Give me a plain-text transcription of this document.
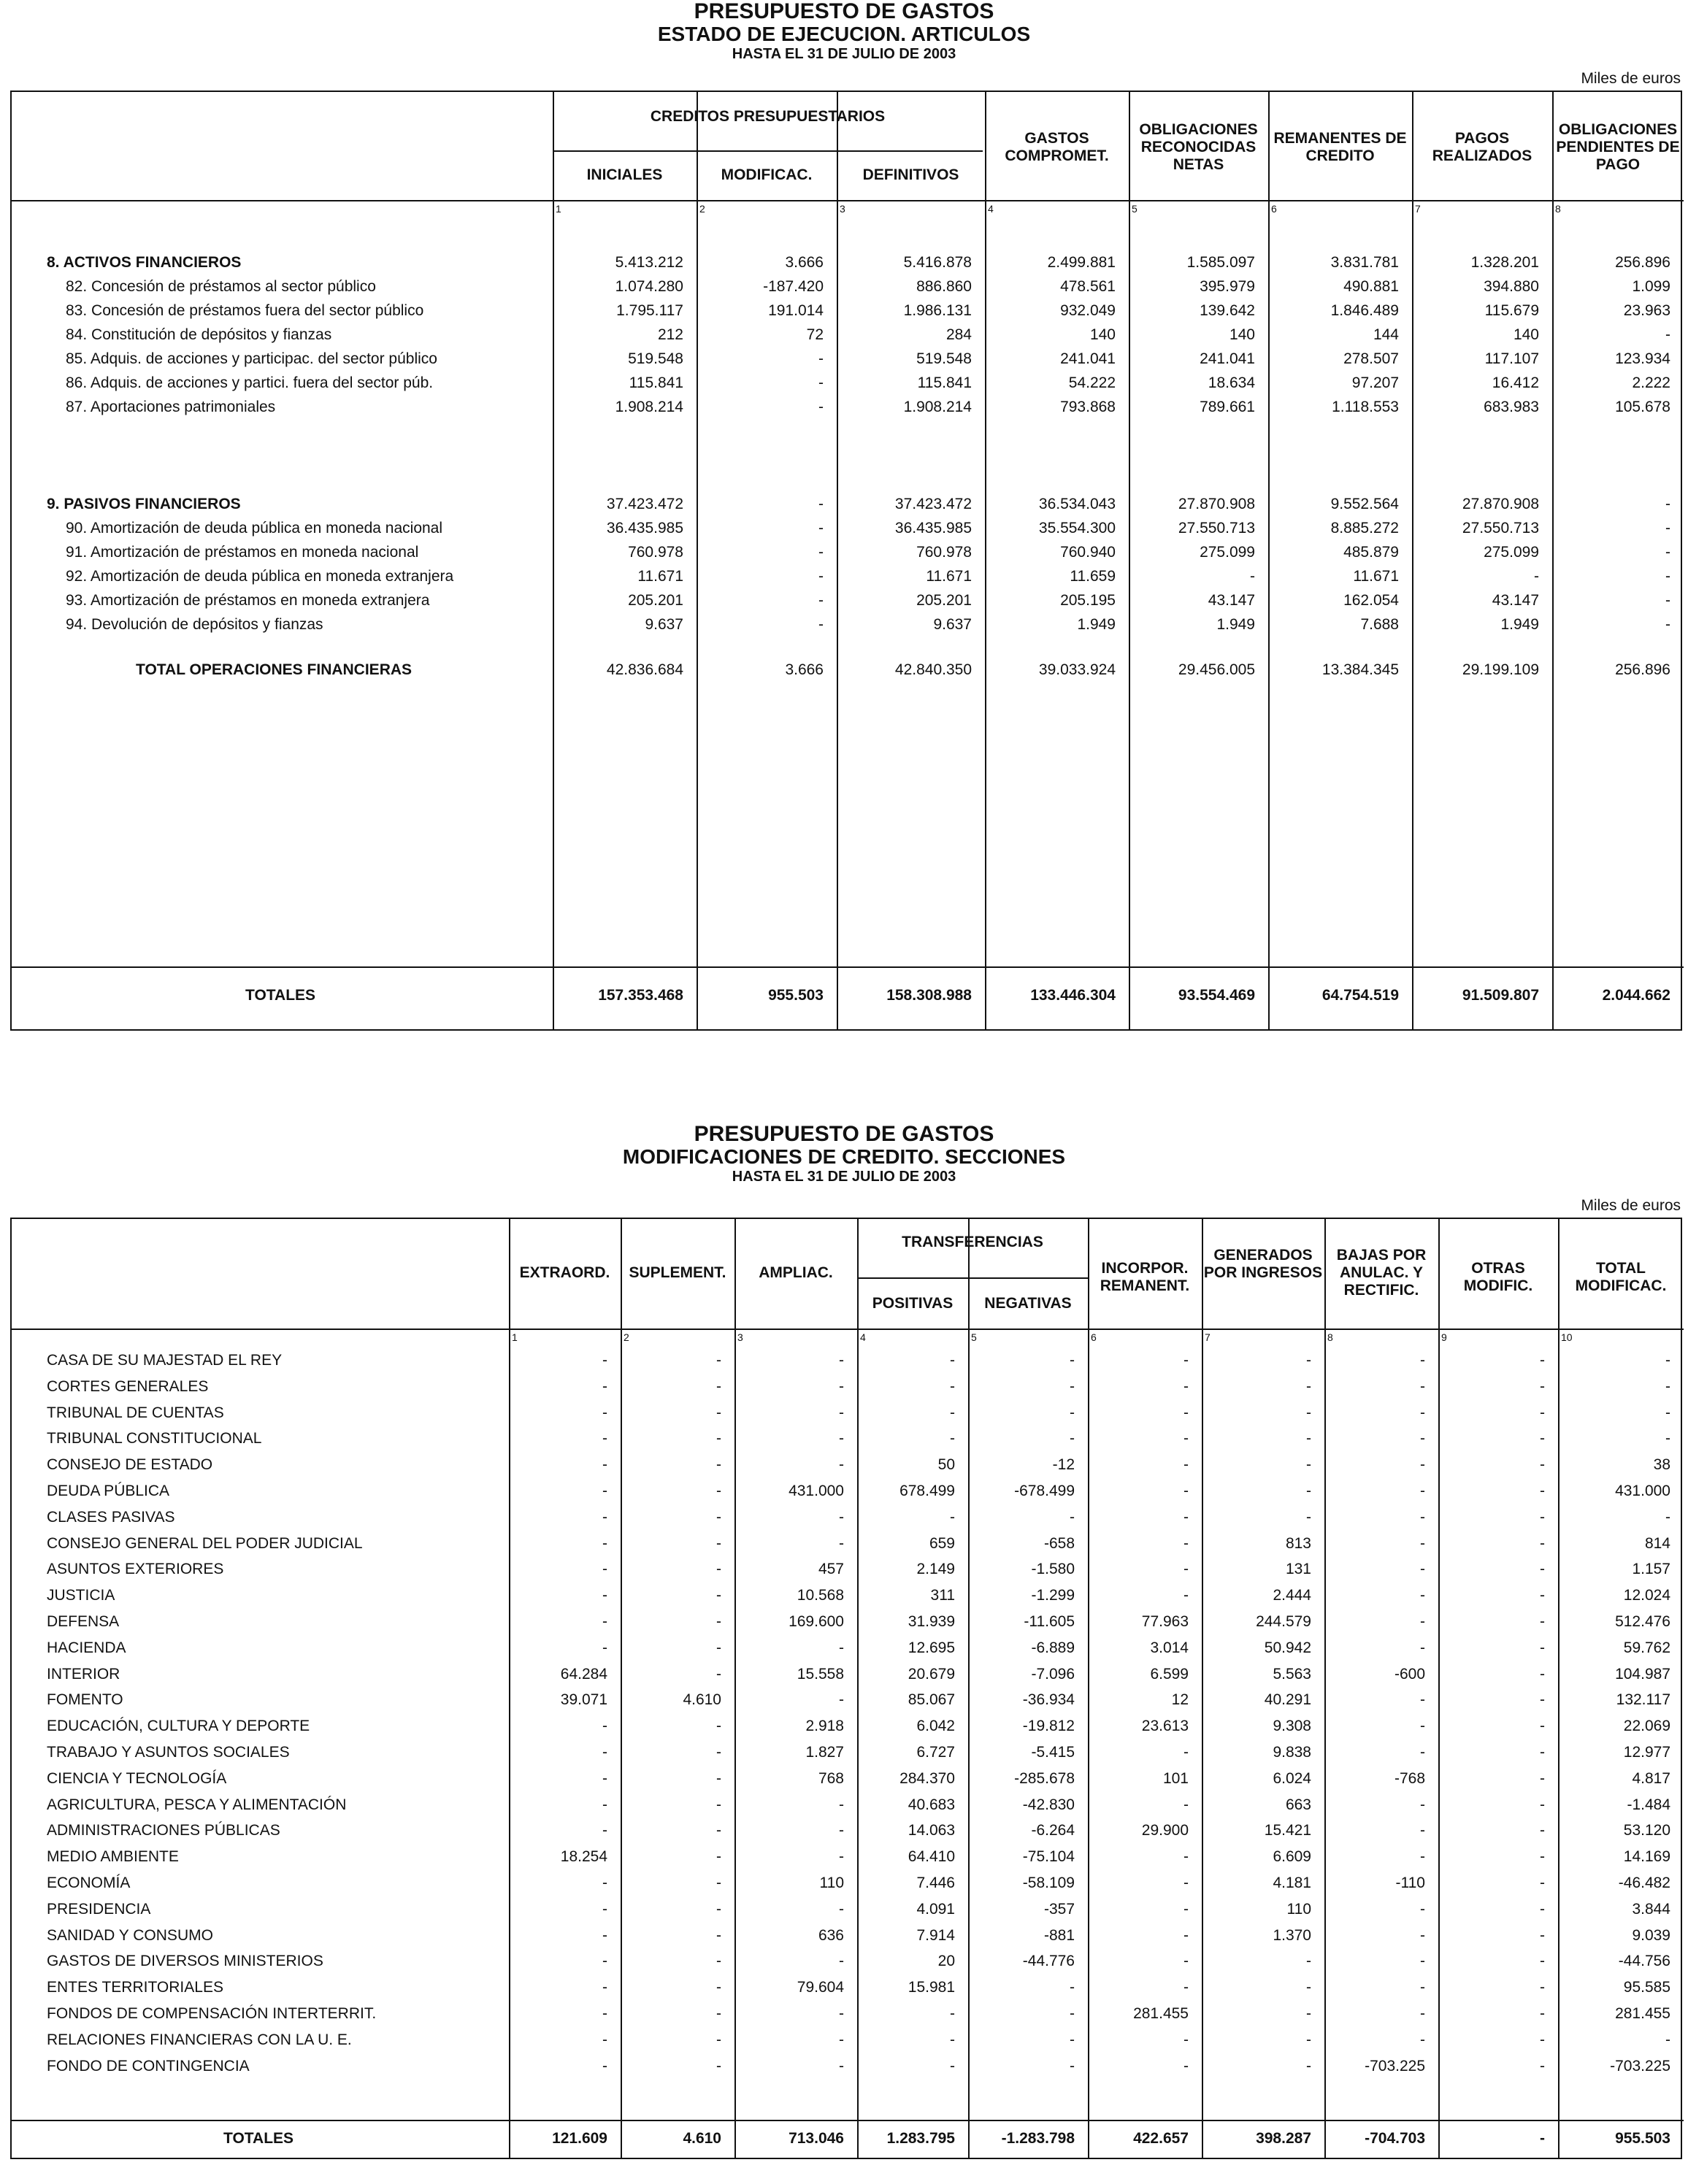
PRESUPUESTO DE GASTOS
ESTADO DE EJECUCION. ARTICULOS
HASTA EL 31 DE JULIO DE 2003
Miles de euros
CREDITOS PRESUPUESTARIOS
INICIALES
1
MODIFICAC.
2
DEFINITIVOS
3
GASTOS COMPROMET.
4
OBLIGACIONES RECONOCIDAS NETAS
5
REMANENTES DE CREDITO
6
PAGOS REALIZADOS
7
OBLIGACIONES PENDIENTES DE PAGO
8
8. ACTIVOS FINANCIEROS	5.413.212	3.666	5.416.878	2.499.881	1.585.097	3.831.781	1.328.201	256.896
82. Concesión de préstamos al sector público	1.074.280	-187.420	886.860	478.561	395.979	490.881	394.880	1.099
83. Concesión de préstamos fuera del sector público	1.795.117	191.014	1.986.131	932.049	139.642	1.846.489	115.679	23.963
84. Constitución de depósitos y fianzas	212	72	284	140	140	144	140	-
85. Adquis. de acciones y participac. del sector público	519.548	-	519.548	241.041	241.041	278.507	117.107	123.934
86. Adquis. de acciones y partici. fuera del sector púb.	115.841	-	115.841	54.222	18.634	97.207	16.412	2.222
87. Aportaciones patrimoniales	1.908.214	-	1.908.214	793.868	789.661	1.118.553	683.983	105.678
9. PASIVOS FINANCIEROS	37.423.472	-	37.423.472	36.534.043	27.870.908	9.552.564	27.870.908	-
90. Amortización de deuda pública en moneda nacional	36.435.985	-	36.435.985	35.554.300	27.550.713	8.885.272	27.550.713	-
91. Amortización de préstamos en moneda nacional	760.978	-	760.978	760.940	275.099	485.879	275.099	-
92. Amortización de deuda pública en moneda extranjera	11.671	-	11.671	11.659	-	11.671	-	-
93. Amortización de préstamos en moneda extranjera	205.201	-	205.201	205.195	43.147	162.054	43.147	-
94. Devolución de depósitos y fianzas	9.637	-	9.637	1.949	1.949	7.688	1.949	-
TOTAL OPERACIONES FINANCIERAS	42.836.684	3.666	42.840.350	39.033.924	29.456.005	13.384.345	29.199.109	256.896
TOTALES	157.353.468	955.503	158.308.988	133.446.304	93.554.469	64.754.519	91.509.807	2.044.662
PRESUPUESTO DE GASTOS
MODIFICACIONES DE CREDITO. SECCIONES
HASTA EL 31 DE JULIO DE 2003
Miles de euros
TRANSFERENCIAS
EXTRAORD.
1
SUPLEMENT.
2
AMPLIAC.
3
POSITIVAS
4
NEGATIVAS
5
INCORPOR. REMANENT.
6
GENERADOS POR INGRESOS
7
BAJAS POR ANULAC. Y RECTIFIC.
8
OTRAS MODIFIC.
9
TOTAL MODIFICAC.
10
CASA DE SU MAJESTAD EL REY	-	-	-	-	-	-	-	-	-	-
CORTES GENERALES	-	-	-	-	-	-	-	-	-	-
TRIBUNAL DE CUENTAS	-	-	-	-	-	-	-	-	-	-
TRIBUNAL CONSTITUCIONAL	-	-	-	-	-	-	-	-	-	-
CONSEJO DE ESTADO	-	-	-	50	-12	-	-	-	-	38
DEUDA PÚBLICA	-	-	431.000	678.499	-678.499	-	-	-	-	431.000
CLASES PASIVAS	-	-	-	-	-	-	-	-	-	-
CONSEJO GENERAL DEL PODER JUDICIAL	-	-	-	659	-658	-	813	-	-	814
ASUNTOS EXTERIORES	-	-	457	2.149	-1.580	-	131	-	-	1.157
JUSTICIA	-	-	10.568	311	-1.299	-	2.444	-	-	12.024
DEFENSA	-	-	169.600	31.939	-11.605	77.963	244.579	-	-	512.476
HACIENDA	-	-	-	12.695	-6.889	3.014	50.942	-	-	59.762
INTERIOR	64.284	-	15.558	20.679	-7.096	6.599	5.563	-600	-	104.987
FOMENTO	39.071	4.610	-	85.067	-36.934	12	40.291	-	-	132.117
EDUCACIÓN, CULTURA Y DEPORTE	-	-	2.918	6.042	-19.812	23.613	9.308	-	-	22.069
TRABAJO Y ASUNTOS SOCIALES	-	-	1.827	6.727	-5.415	-	9.838	-	-	12.977
CIENCIA Y TECNOLOGÍA	-	-	768	284.370	-285.678	101	6.024	-768	-	4.817
AGRICULTURA, PESCA Y ALIMENTACIÓN	-	-	-	40.683	-42.830	-	663	-	-	-1.484
ADMINISTRACIONES PÚBLICAS	-	-	-	14.063	-6.264	29.900	15.421	-	-	53.120
MEDIO AMBIENTE	18.254	-	-	64.410	-75.104	-	6.609	-	-	14.169
ECONOMÍA	-	-	110	7.446	-58.109	-	4.181	-110	-	-46.482
PRESIDENCIA	-	-	-	4.091	-357	-	110	-	-	3.844
SANIDAD Y CONSUMO	-	-	636	7.914	-881	-	1.370	-	-	9.039
GASTOS DE DIVERSOS MINISTERIOS	-	-	-	20	-44.776	-	-	-	-	-44.756
ENTES TERRITORIALES	-	-	79.604	15.981	-	-	-	-	-	95.585
FONDOS DE COMPENSACIÓN INTERTERRIT.	-	-	-	-	-	281.455	-	-	-	281.455
RELACIONES FINANCIERAS CON LA U. E.	-	-	-	-	-	-	-	-	-	-
FONDO DE CONTINGENCIA	-	-	-	-	-	-	-	-703.225	-	-703.225
TOTALES	121.609	4.610	713.046	1.283.795	-1.283.798	422.657	398.287	-704.703	-	955.503
